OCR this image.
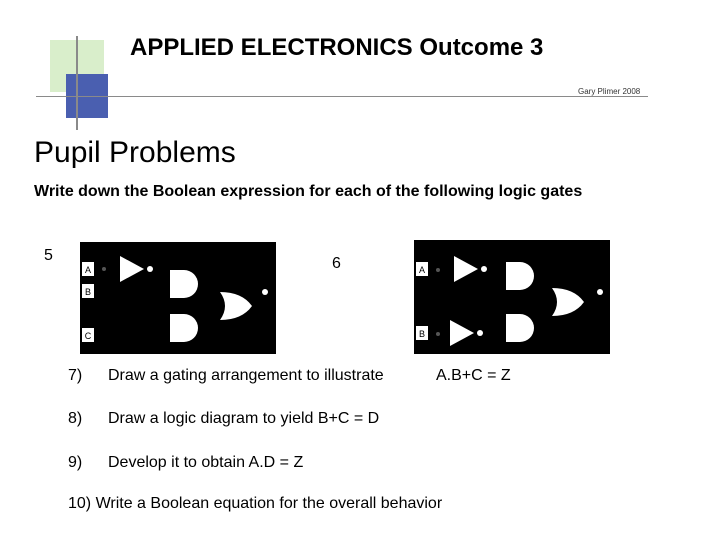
APPLIED ELECTRONICS Outcome 3
Gary Plimer 2008
Pupil Problems
Write down the Boolean expression for each of the following logic gates
5	6
A
B
C
A
B
7) Draw a gating arrangement to illustrate	A.B+C = Z
8) Draw a logic diagram to yield B+C = D
9) Develop it to obtain A.D = Z
10) Write a Boolean equation for the overall behavior
